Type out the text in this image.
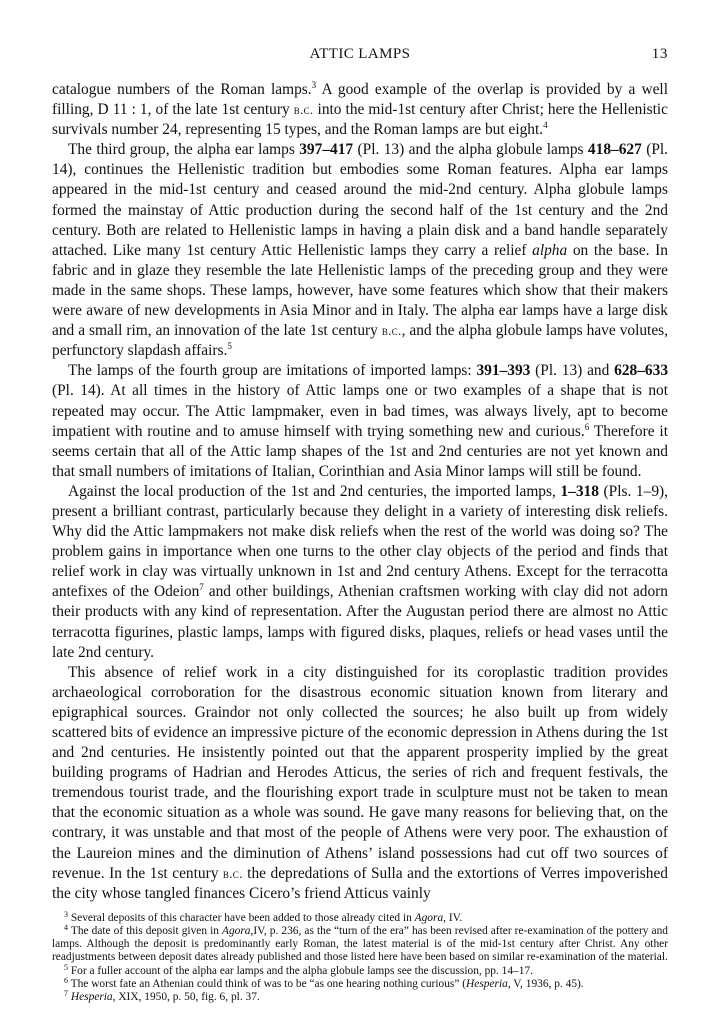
ATTIC LAMPS	13

catalogue numbers of the Roman lamps.$^3$ A good example of the overlap is provided by a well filling, D 11 : 1, of the late 1st century b.c. into the mid-1st century after Christ; here the Hellenistic survivals number 24, representing 15 types, and the Roman lamps are but eight.$^4$

The third group, the alpha ear lamps 397–417 (Pl. 13) and the alpha globule lamps 418–627 (Pl. 14), continues the Hellenistic tradition but embodies some Roman features. Alpha ear lamps appeared in the mid-1st century and ceased around the mid-2nd century. Alpha globule lamps formed the mainstay of Attic production during the second half of the 1st century and the 2nd century. Both are related to Hellenistic lamps in having a plain disk and a band handle separately attached. Like many 1st century Attic Hellenistic lamps they carry a relief alpha on the base. In fabric and in glaze they resemble the late Hellenistic lamps of the preceding group and they were made in the same shops. These lamps, however, have some features which show that their makers were aware of new developments in Asia Minor and in Italy. The alpha ear lamps have a large disk and a small rim, an innovation of the late 1st century b.c., and the alpha globule lamps have volutes, perfunctory slapdash affairs.$^5$

The lamps of the fourth group are imitations of imported lamps: 391–393 (Pl. 13) and 628–633 (Pl. 14). At all times in the history of Attic lamps one or two examples of a shape that is not repeated may occur. The Attic lampmaker, even in bad times, was always lively, apt to become impatient with routine and to amuse himself with trying something new and curious.$^6$ Therefore it seems certain that all of the Attic lamp shapes of the 1st and 2nd centuries are not yet known and that small numbers of imitations of Italian, Corinthian and Asia Minor lamps will still be found.

Against the local production of the 1st and 2nd centuries, the imported lamps, 1–318 (Pls. 1–9), present a brilliant contrast, particularly because they delight in a variety of interesting disk reliefs. Why did the Attic lampmakers not make disk reliefs when the rest of the world was doing so? The problem gains in importance when one turns to the other clay objects of the period and finds that relief work in clay was virtually unknown in 1st and 2nd century Athens. Except for the terracotta antefixes of the Odeion$^7$ and other buildings, Athenian craftsmen working with clay did not adorn their products with any kind of representation. After the Augustan period there are almost no Attic terracotta figurines, plastic lamps, lamps with figured disks, plaques, reliefs or head vases until the late 2nd century.

This absence of relief work in a city distinguished for its coroplastic tradition provides archaeological corroboration for the disastrous economic situation known from literary and epigraphical sources. Graindor not only collected the sources; he also built up from widely scattered bits of evidence an impressive picture of the economic depression in Athens during the 1st and 2nd centuries. He insistently pointed out that the apparent prosperity implied by the great building programs of Hadrian and Herodes Atticus, the series of rich and frequent festivals, the tremendous tourist trade, and the flourishing export trade in sculpture must not be taken to mean that the economic situation as a whole was sound. He gave many reasons for believing that, on the contrary, it was unstable and that most of the people of Athens were very poor. The exhaustion of the Laureion mines and the diminution of Athens’ island possessions had cut off two sources of revenue. In the 1st century b.c. the depredations of Sulla and the extortions of Verres impoverished the city whose tangled finances Cicero’s friend Atticus vainly

$^3$ Several deposits of this character have been added to those already cited in Agora, IV.

$^4$ The date of this deposit given in Agora,IV, p. 236, as the “turn of the era” has been revised after re-examination of the pottery and lamps. Although the deposit is predominantly early Roman, the latest material is of the mid-1st century after Christ. Any other readjustments between deposit dates already published and those listed here have been based on similar re-examination of the material.

$^5$ For a fuller account of the alpha ear lamps and the alpha globule lamps see the discussion, pp. 14–17.

$^6$ The worst fate an Athenian could think of was to be “as one hearing nothing curious” (Hesperia, V, 1936, p. 45).

$^7$ Hesperia, XIX, 1950, p. 50, fig. 6, pl. 37.
